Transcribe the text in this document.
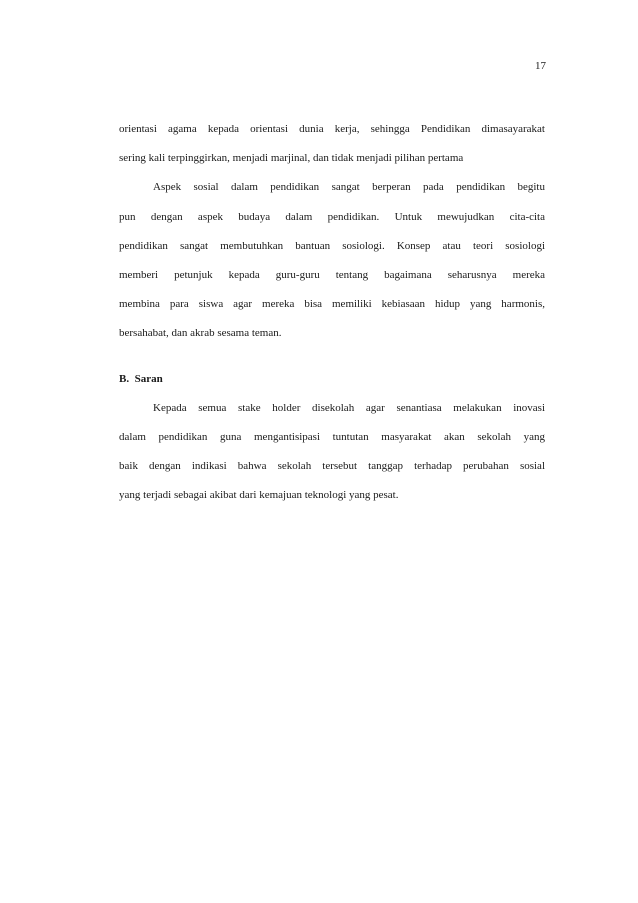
17
orientasi agama kepada orientasi dunia kerja, sehingga Pendidikan dimasayarakat
sering kali terpinggirkan, menjadi marjinal, dan tidak menjadi pilihan pertama
Aspek sosial dalam pendidikan sangat berperan pada pendidikan begitu
pun dengan aspek budaya dalam pendidikan. Untuk mewujudkan cita-cita
pendidikan sangat membutuhkan bantuan sosiologi. Konsep atau teori sosiologi
memberi petunjuk kepada guru-guru tentang bagaimana seharusnya mereka
membina para siswa agar mereka bisa memiliki kebiasaan hidup yang harmonis,
bersahabat, dan akrab sesama teman.
B.  Saran
Kepada semua stake holder disekolah agar senantiasa melakukan inovasi
dalam pendidikan guna mengantisipasi tuntutan masyarakat akan sekolah yang
baik dengan indikasi bahwa sekolah tersebut tanggap terhadap perubahan sosial
yang terjadi sebagai akibat dari kemajuan teknologi yang pesat.
